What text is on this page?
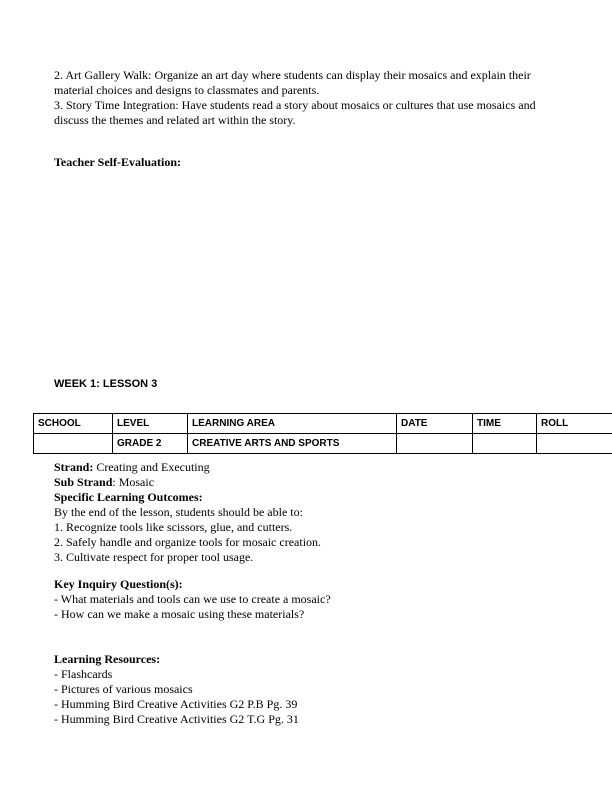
2. Art Gallery Walk: Organize an art day where students can display their mosaics and explain their material choices and designs to classmates and parents.

3. Story Time Integration: Have students read a story about mosaics or cultures that use mosaics and discuss the themes and related art within the story.

Teacher Self-Evaluation:

WEEK 1: LESSON 3

SCHOOL	LEVEL	LEARNING AREA	DATE	TIME	ROLL
	GRADE 2	CREATIVE ARTS AND SPORTS			

Strand: Creating and Executing

Sub Strand: Mosaic

Specific Learning Outcomes:

By the end of the lesson, students should be able to:

1. Recognize tools like scissors, glue, and cutters.

2. Safely handle and organize tools for mosaic creation.

3. Cultivate respect for proper tool usage.

Key Inquiry Question(s):

- What materials and tools can we use to create a mosaic?

- How can we make a mosaic using these materials?

Learning Resources:

- Flashcards

- Pictures of various mosaics

- Humming Bird Creative Activities G2 P.B Pg. 39

- Humming Bird Creative Activities G2 T.G Pg. 31
